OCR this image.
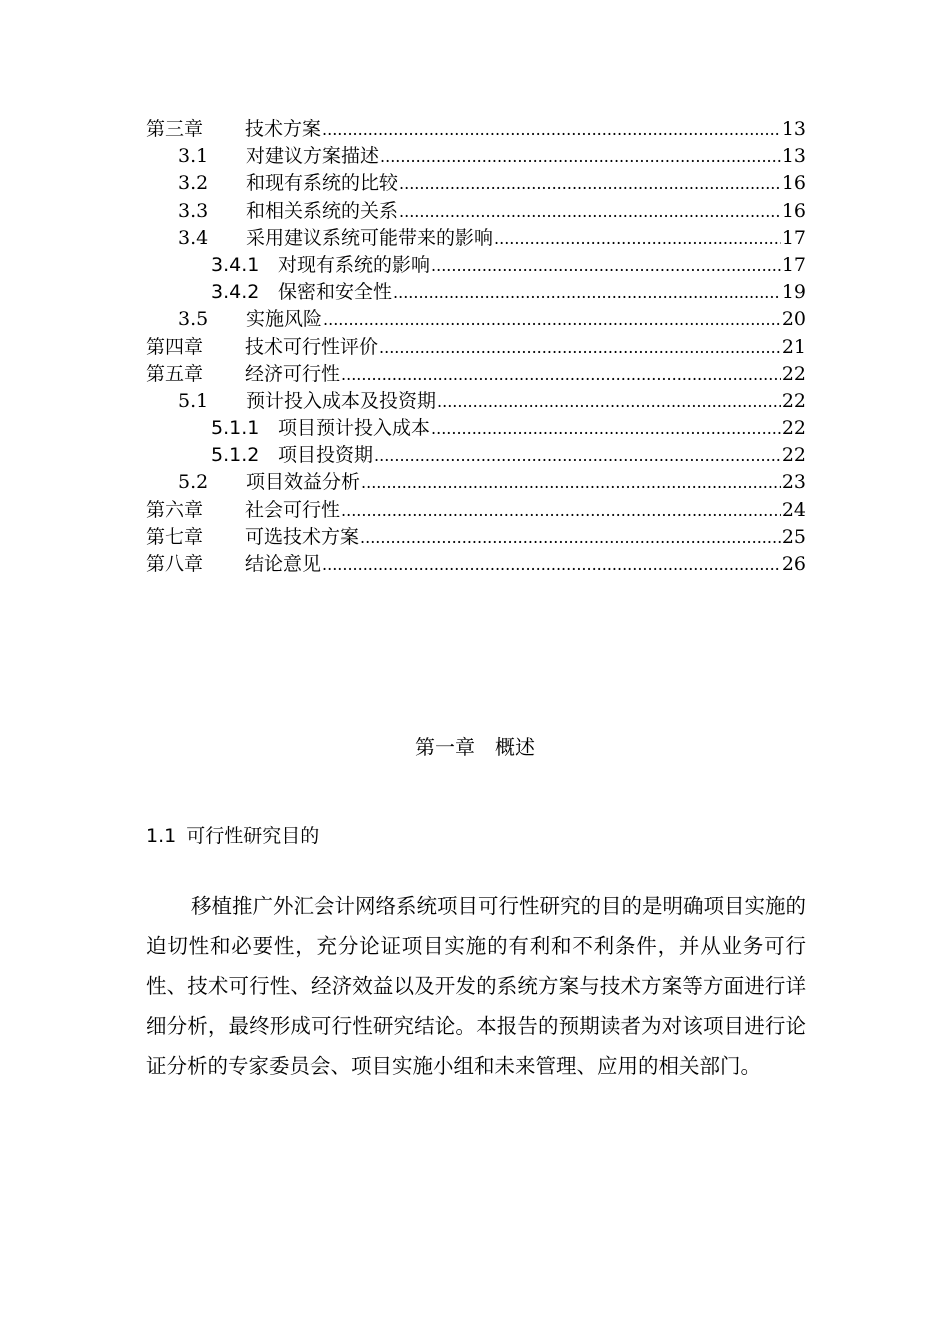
第三章	技术方案 .....	13
3.1	对建议方案描述 .....	13
3.2	和现有系统的比较 .....	16
3.3	和相关系统的关系 .....	16
3.4	采用建议系统可能带来的影响 .....	17
3.4.1 对现有系统的影响 .....	17
3.4.2 保密和安全性 .....	19
3.5	实施风险 .....	20
第四章	技术可行性评价 .....	21
第五章	经济可行性 .....	22
5.1	预计投入成本及投资期 .....	22
5.1.1 项目预计投入成本 .....	22
5.1.2 项目投资期 .....	22
5.2	项目效益分析 .....	23
第六章	社会可行性 .....	24
第七章	可选技术方案 .....	25
第八章	结论意见 .....	26
第一章　概述
1.1 可行性研究目的
移植推广外汇会计网络系统项目可行性研究的目的是明确项目实施的迫切性和必要性，充分论证项目实施的有利和不利条件，并从业务可行性、技术可行性、经济效益以及开发的系统方案与技术方案等方面进行详细分析，最终形成可行性研究结论。本报告的预期读者为对该项目进行论证分析的专家委员会、项目实施小组和未来管理、应用的相关部门。
